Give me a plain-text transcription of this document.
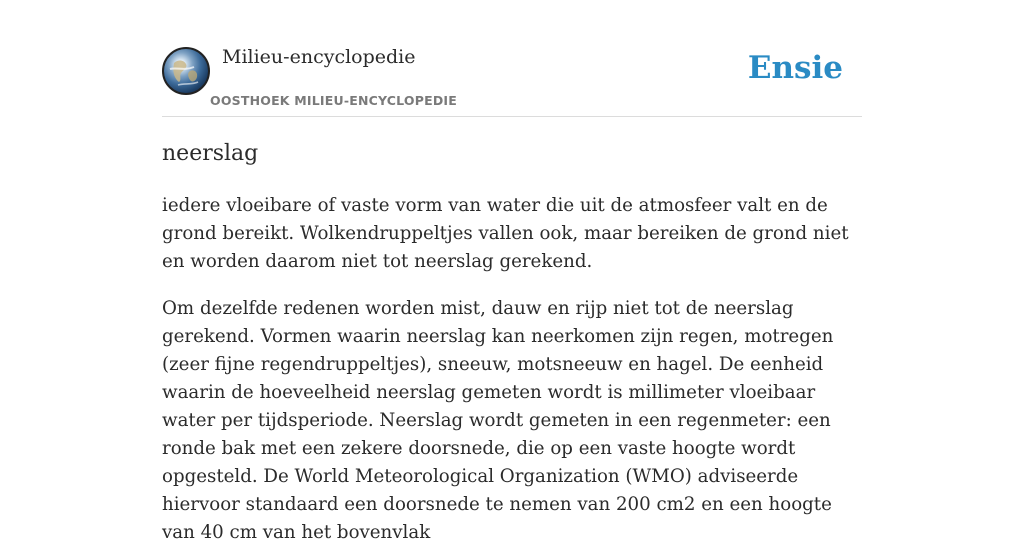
Milieu-encyclopedie
OOSTHOEK MILIEU-ENCYCLOPEDIE
Ensie
neerslag

iedere vloeibare of vaste vorm van water die uit de atmosfeer valt en de grond bereikt. Wolkendruppeltjes vallen ook, maar bereiken de grond niet en worden daarom niet tot neerslag gerekend.

Om dezelfde redenen worden mist, dauw en rijp niet tot de neerslag gerekend. Vormen waarin neerslag kan neerkomen zijn regen, motregen (zeer fijne regendruppeltjes), sneeuw, motsneeuw en hagel. De eenheid waarin de hoeveelheid neerslag gemeten wordt is millimeter vloeibaar water per tijdsperiode. Neerslag wordt gemeten in een regenmeter: een ronde bak met een zekere doorsnede, die op een vaste hoogte wordt opgesteld. De World Meteorological Organization (WMO) adviseerde hiervoor standaard een doorsnede te nemen van 200 cm2 en een hoogte van 40 cm van het bovenvlak
